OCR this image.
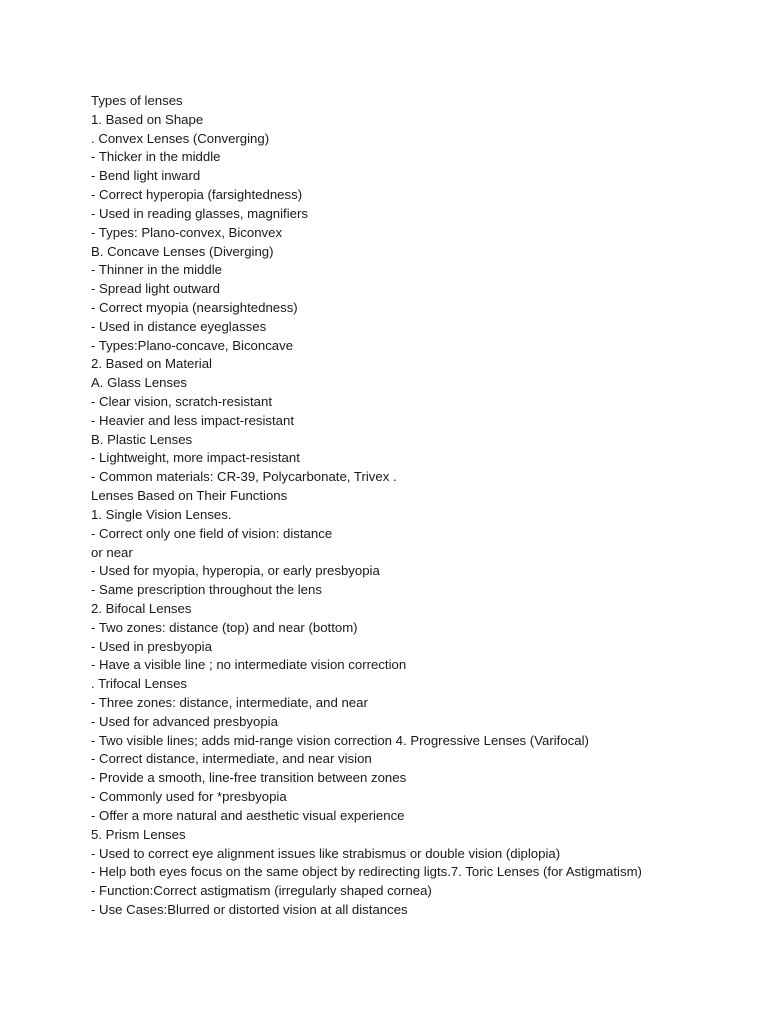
Types of lenses
1. Based on Shape
. Convex Lenses (Converging)
- Thicker in the middle
- Bend light inward
- Correct hyperopia (farsightedness)
- Used in reading glasses, magnifiers
- Types: Plano-convex, Biconvex
B. Concave Lenses (Diverging)
- Thinner in the middle
- Spread light outward
- Correct myopia (nearsightedness)
- Used in distance eyeglasses
- Types:Plano-concave, Biconcave
2. Based on Material
A. Glass Lenses
- Clear vision, scratch-resistant
- Heavier and less impact-resistant
B. Plastic Lenses
- Lightweight, more impact-resistant
- Common materials: CR-39, Polycarbonate, Trivex .
Lenses Based on Their Functions
1. Single Vision Lenses.
- Correct only one field of vision: distance
or near
- Used for myopia, hyperopia, or early presbyopia
- Same prescription throughout the lens
2. Bifocal Lenses
- Two zones: distance (top) and near (bottom)
- Used in presbyopia
- Have a visible line ; no intermediate vision correction
. Trifocal Lenses
- Three zones: distance, intermediate, and near
- Used for advanced presbyopia
- Two visible lines; adds mid-range vision correction 4. Progressive Lenses (Varifocal)
- Correct distance, intermediate, and near vision
- Provide a smooth, line-free transition between zones
- Commonly used for *presbyopia
- Offer a more natural and aesthetic visual experience
5. Prism Lenses
- Used to correct eye alignment issues like strabismus or double vision (diplopia)
- Help both eyes focus on the same object by redirecting ligts.7. Toric Lenses (for Astigmatism)
- Function:Correct astigmatism (irregularly shaped cornea)
- Use Cases:Blurred or distorted vision at all distances
